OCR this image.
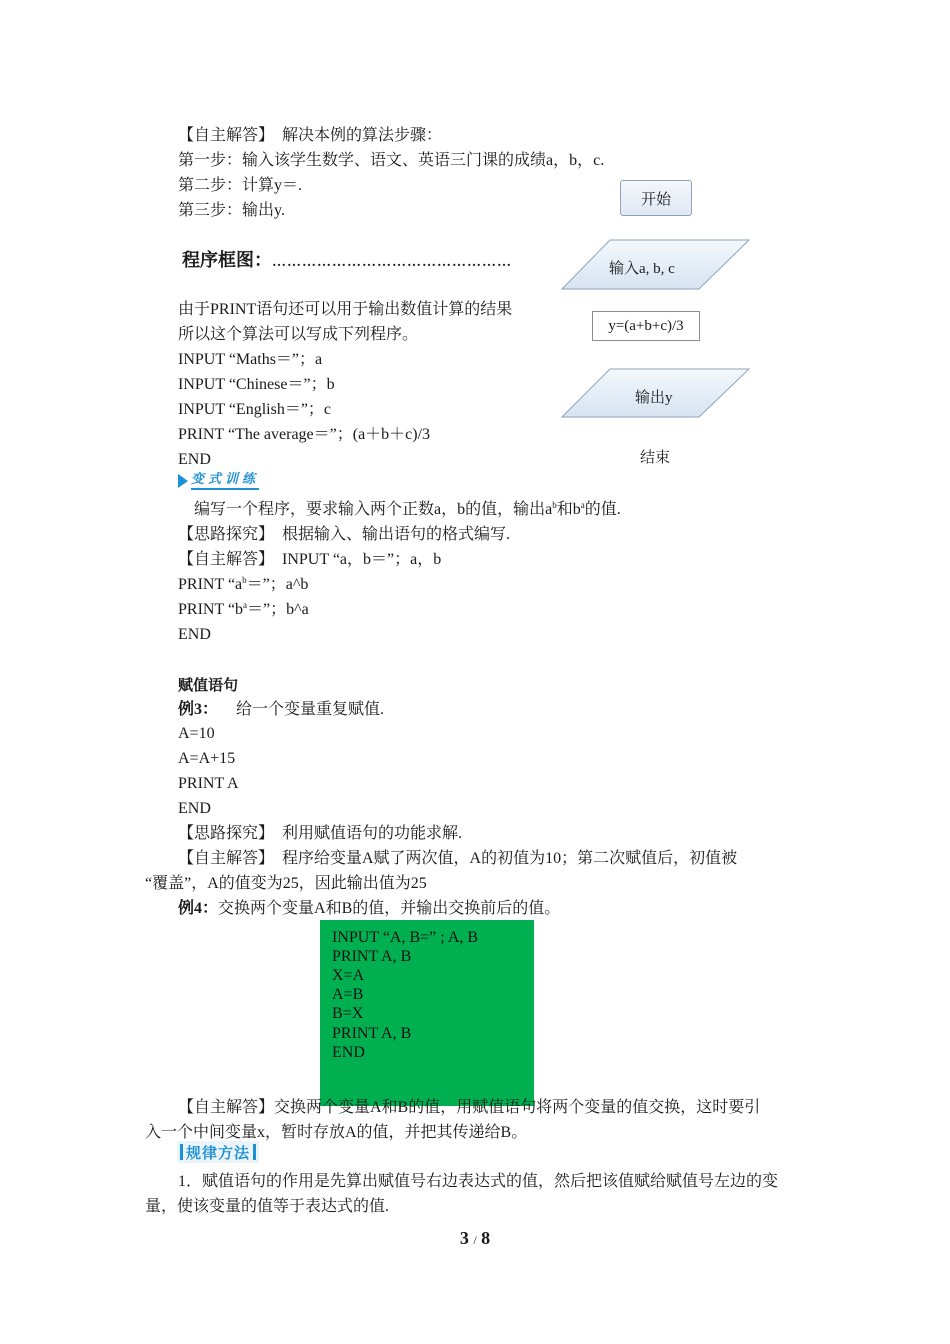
【自主解答】　解决本例的算法步骤：
第一步：输入该学生数学、语文、英语三门课的成绩a，b，c.
第二步：计算y＝.
第三步：输出y.
程序框图：…………………………………………
开始
输入a, b, c
y=(a+b+c)/3
输出y
结束
由于PRINT语句还可以用于输出数值计算的结果
所以这个算法可以写成下列程序。
INPUT “Maths＝”；a
INPUT “Chinese＝”；b
INPUT “English＝”；c
PRINT “The average＝”；(a＋b＋c)/3
END
变式训练
编写一个程序，要求输入两个正数a，b的值，输出$a^b$和$b^a$的值.
【思路探究】　根据输入、输出语句的格式编写.
【自主解答】　INPUT “a，b＝”；a，b
PRINT “$a^b=$”；a^b
PRINT “$b^a=$”；b^a
END
赋值语句
例3：　给一个变量重复赋值.
A=10
A=A+15
PRINT A
END
【思路探究】　利用赋值语句的功能求解.
【自主解答】　程序给变量A赋了两次值，A的初值为10；第二次赋值后，初值被
“覆盖”，A的值变为25，因此输出值为25
例4：交换两个变量A和B的值，并输出交换前后的值。
INPUT “A, B=” ; A, B
PRINT A, B
X=A
A=B
B=X
PRINT A, B
END
【自主解答】交换两个变量A和B的值，用赋值语句将两个变量的值交换，这时要引
入一个中间变量x，暂时存放A的值，并把其传递给B。
规律方法
1．赋值语句的作用是先算出赋值号右边表达式的值，然后把该值赋给赋值号左边的变
量，使该变量的值等于表达式的值.
3 / 8
